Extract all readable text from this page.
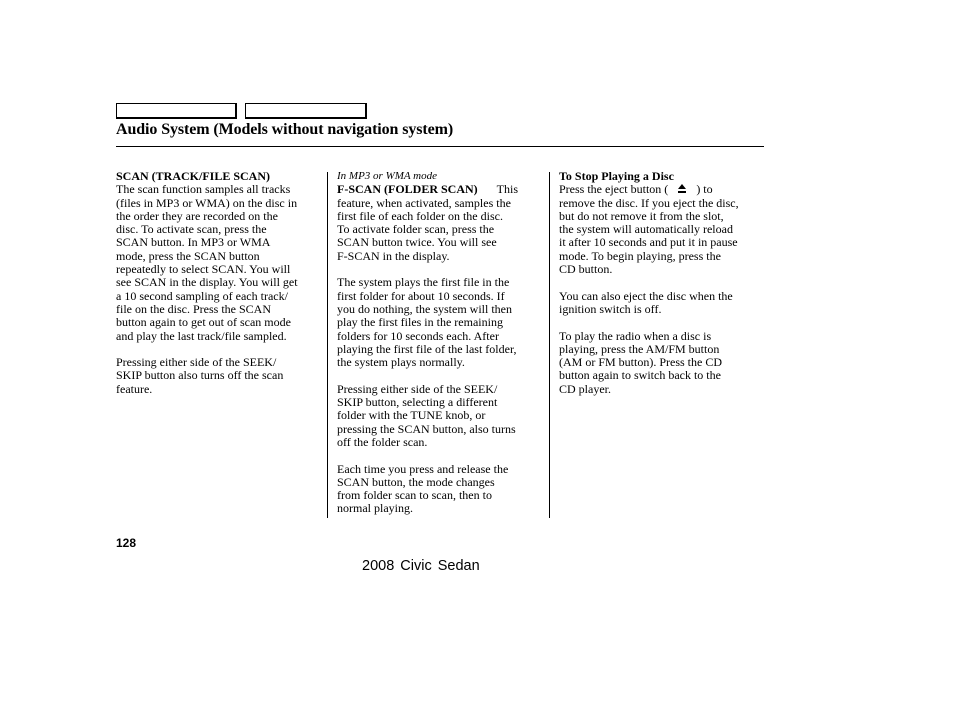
Audio System (Models without navigation system)
SCAN (TRACK/FILE SCAN)
The scan function samples all tracks
(files in MP3 or WMA) on the disc in
the order they are recorded on the
disc. To activate scan, press the
SCAN button. In MP3 or WMA
mode, press the SCAN button
repeatedly to select SCAN. You will
see SCAN in the display. You will get
a 10 second sampling of each track/
file on the disc. Press the SCAN
button again to get out of scan mode
and play the last track/file sampled.
Pressing either side of the SEEK/
SKIP button also turns off the scan
feature.
In MP3 or WMA mode
F-SCAN (FOLDER SCAN) This
feature, when activated, samples the
first file of each folder on the disc.
To activate folder scan, press the
SCAN button twice. You will see
F-SCAN in the display.
The system plays the first file in the
first folder for about 10 seconds. If
you do nothing, the system will then
play the first files in the remaining
folders for 10 seconds each. After
playing the first file of the last folder,
the system plays normally.
Pressing either side of the SEEK/
SKIP button, selecting a different
folder with the TUNE knob, or
pressing the SCAN button, also turns
off the folder scan.
Each time you press and release the
SCAN button, the mode changes
from folder scan to scan, then to
normal playing.
To Stop Playing a Disc
Press the eject button ( ) to
remove the disc. If you eject the disc,
but do not remove it from the slot,
the system will automatically reload
it after 10 seconds and put it in pause
mode. To begin playing, press the
CD button.
You can also eject the disc when the
ignition switch is off.
To play the radio when a disc is
playing, press the AM/FM button
(AM or FM button). Press the CD
button again to switch back to the
CD player.
128
2008 Civic Sedan
